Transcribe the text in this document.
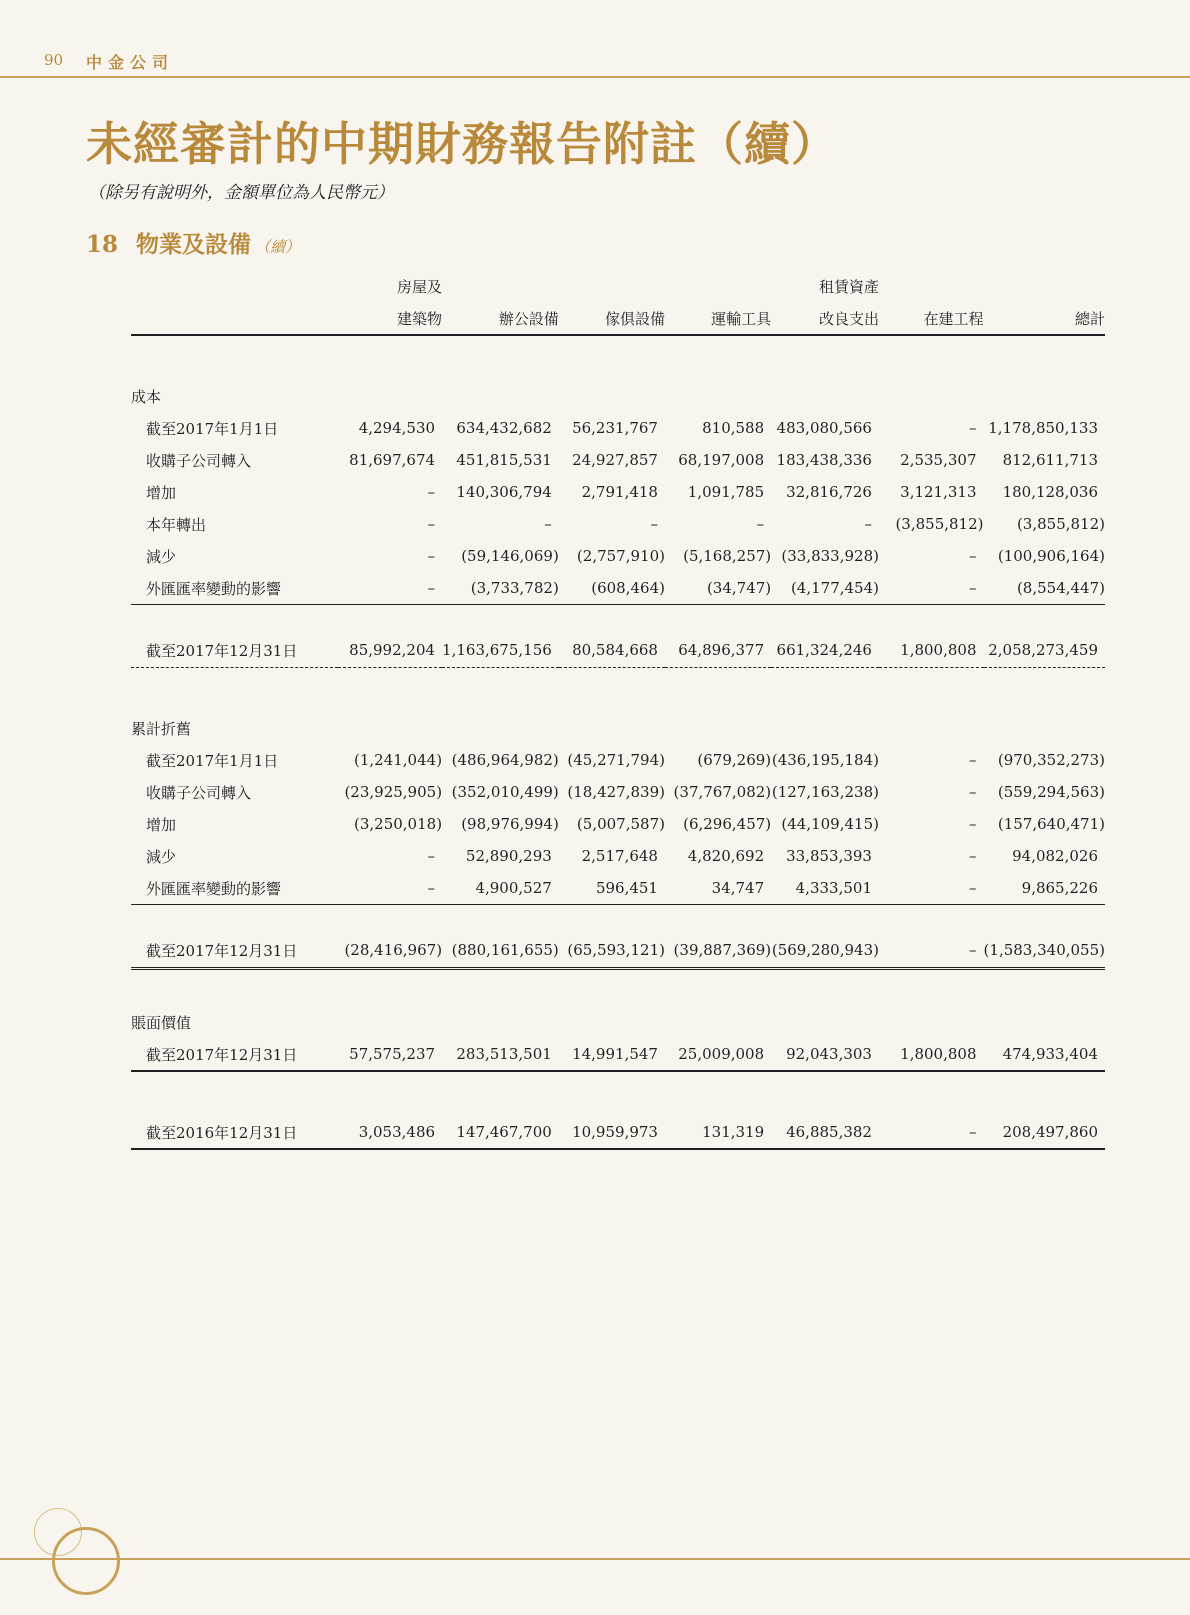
90 中金公司
未經審計的中期財務報告附註（續）
（除另有說明外，金額單位為人民幣元）
18 物業及設備 （續）
	房屋及				租賃資產		
	建築物	辦公設備	傢俱設備	運輸工具	改良支出	在建工程	總計

成本							
截至2017年1月1日	4,294,530	634,432,682	56,231,767	810,588	483,080,566	–	1,178,850,133
收購子公司轉入	81,697,674	451,815,531	24,927,857	68,197,008	183,438,336	2,535,307	812,611,713
增加	–	140,306,794	2,791,418	1,091,785	32,816,726	3,121,313	180,128,036
本年轉出	–	–	–	–	–	(3,855,812)	(3,855,812)
減少	–	(59,146,069)	(2,757,910)	(5,168,257)	(33,833,928)	–	(100,906,164)
外匯匯率變動的影響	–	(3,733,782)	(608,464)	(34,747)	(4,177,454)	–	(8,554,447)

截至2017年12月31日	85,992,204	1,163,675,156	80,584,668	64,896,377	661,324,246	1,800,808	2,058,273,459

累計折舊							
截至2017年1月1日	(1,241,044)	(486,964,982)	(45,271,794)	(679,269)	(436,195,184)	–	(970,352,273)
收購子公司轉入	(23,925,905)	(352,010,499)	(18,427,839)	(37,767,082)	(127,163,238)	–	(559,294,563)
增加	(3,250,018)	(98,976,994)	(5,007,587)	(6,296,457)	(44,109,415)	–	(157,640,471)
減少	–	52,890,293	2,517,648	4,820,692	33,853,393	–	94,082,026
外匯匯率變動的影響	–	4,900,527	596,451	34,747	4,333,501	–	9,865,226

截至2017年12月31日	(28,416,967)	(880,161,655)	(65,593,121)	(39,887,369)	(569,280,943)	–	(1,583,340,055)

賬面價值							
截至2017年12月31日	57,575,237	283,513,501	14,991,547	25,009,008	92,043,303	1,800,808	474,933,404

截至2016年12月31日	3,053,486	147,467,700	10,959,973	131,319	46,885,382	–	208,497,860
